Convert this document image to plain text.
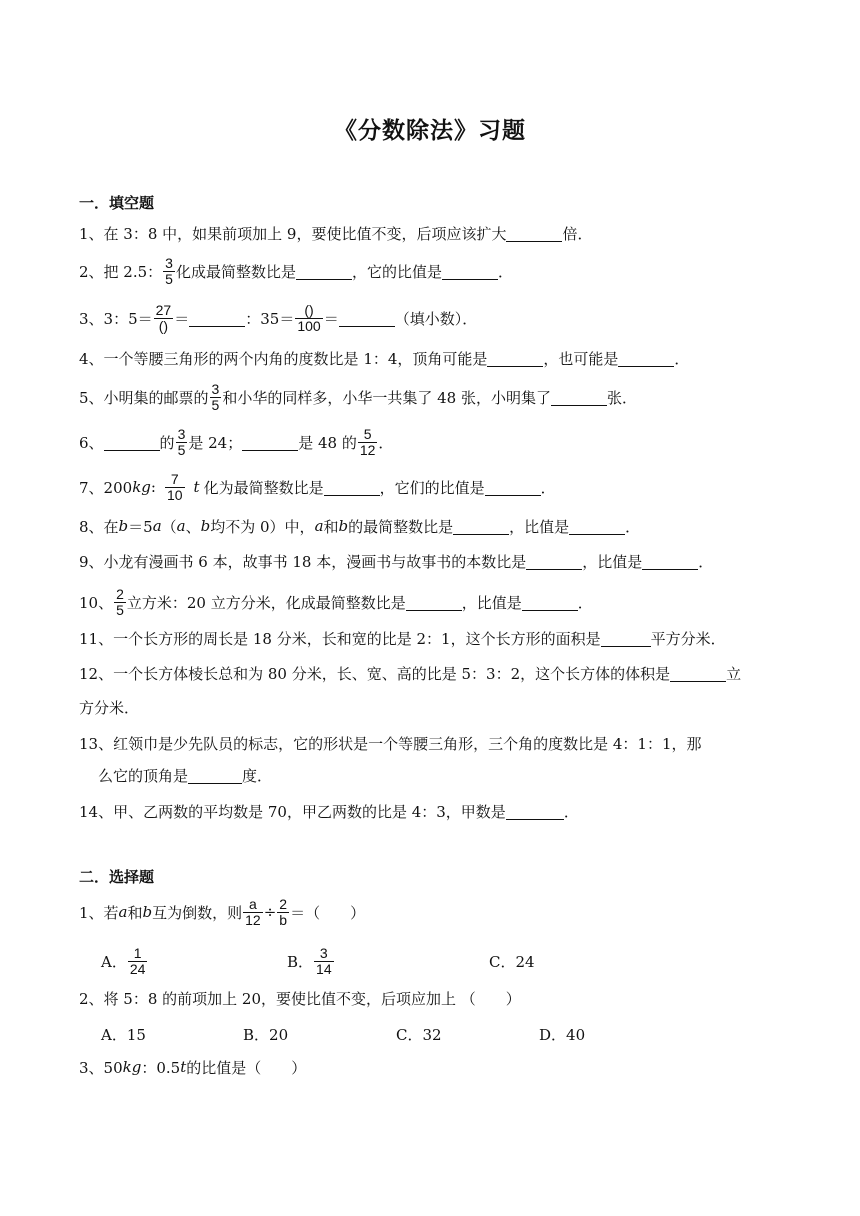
《分数除法》习题
一．填空题
1、在 3：8 中，如果前项加上 9，要使比值不变，后项应该扩大	倍．
2、把 2.5： $\frac{3}{5}$ 化成最简整数比是	，它的比值是	．
3、3：$5= \frac{27}{()}$ ＝	：$35= \frac{()}{100}$ ＝	（填小数）．
4、一个等腰三角形的两个内角的度数比是 1：4，顶角可能是	，也可能是	．
5、小明集的邮票的 $\frac{3}{5}$ 和小华的同样多，小华一共集了 48 张，小明集了	张．
6、	的 $\frac{3}{5}$ 是 24；	是 48 的 $\frac{5}{12}$ ．
7、200 kg : $\frac{7}{10}$ t 化为最简整数比是	，它们的比值是	．
8、在 b ＝5 a （ a 、 b 均不为 0）中， a 和 b 的最简整数比是	，比值是	．
9、小龙有漫画书 6 本，故事书 18 本，漫画书与故事书的本数比是	，比值是	．
10、 $\frac{2}{5}$ 立方米：20 立方分米，化成最简整数比是	，比值是	．
11、一个长方形的周长是 18 分米，长和宽的比是 2：1，这个长方形的面积是	平方分米．
12、一个长方体棱长总和为 80 分米，长、宽、高的比是 5：3：2，这个长方体的体积是	立
方分米．
13、红领巾是少先队员的标志，它的形状是一个等腰三角形，三个角的度数比是 4：1：1，那
么它的顶角是	度．
14、甲、乙两数的平均数是 70，甲乙两数的比是 4：3，甲数是	．
二．选择题
1、若 a 和 b 互为倒数，则 $\frac{a}{12} \div \frac{2}{b}$ ＝（　　）
A． $\frac{1}{24}$	B． $\frac{3}{14}$	C．24
2、将 5：8 的前项加上 20，要使比值不变，后项应加上 （　　）
A．15	B．20	C．32	D．40
3、50 kg ：0.5 t 的比值是（　　）
